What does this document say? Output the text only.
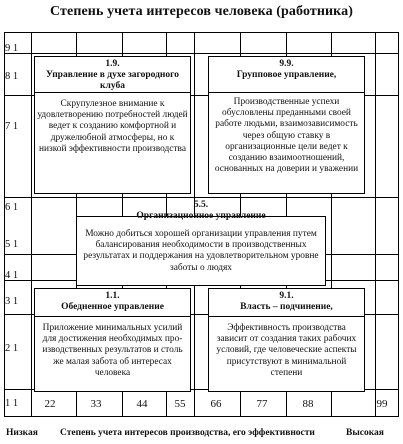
Степень учета интересов человека (работника)
9 1
8 1
7 1
6 1
5 1
4 1
3 1
2 1
1 1	22	33	44	55	66	77	88	99
1.9.
Управление в духе загородного клуба
Скрупулезное внимание к удовлетворению потребностей людей ведет к созданию комфортной и дружелюбной атмосферы, но к низкой эффективности производства
9.9.
Групповое управление,
Производственные успехи обусловлены преданными своей работе людьми, взаимозависимость через общую ставку в организационные цели ведет к созданию взаимоотношений, основанных на доверии и уважении
5.5.
Организационное управление
Можно добиться хорошей организации управления путем балансирования необходимости в производственных результатах и поддержания на удовлетворительном уровне заботы о людях
1.1.
Обедненное управление
Приложение минимальных усилий для достижения необходимых про-изводственных результатов и столь же малая забота об интересах человека
9.1.
Власть – подчинение,
Эффективность производства зависит от создания таких рабочих условий, где человеческие аспекты присутствуют в минимальной степени
Низкая Степень учета интересов производства, его эффективности	Высокая
